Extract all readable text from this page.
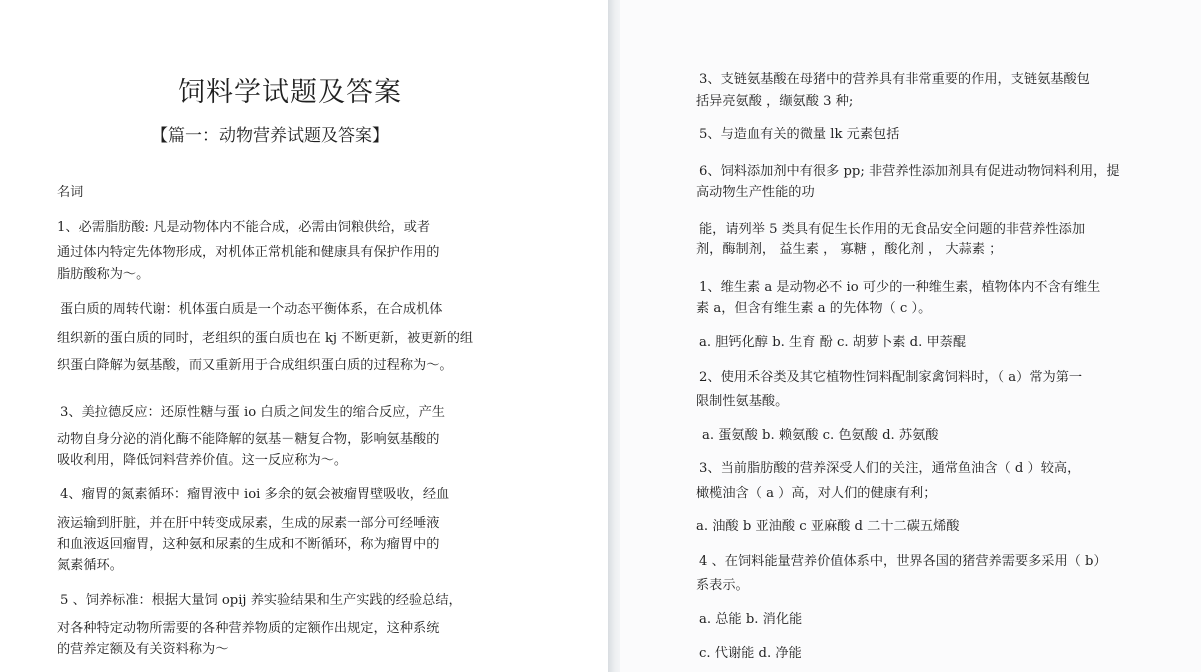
饲料学试题及答案
【篇一：动物营养试题及答案】
名词
1、必需脂肪酸: 凡是动物体内不能合成，必需由饲粮供给，或者
通过体内特定先体物形成，对机体正常机能和健康具有保护作用的
脂肪酸称为～。
蛋白质的周转代谢：机体蛋白质是一个动态平衡体系，在合成机体
组织新的蛋白质的同时，老组织的蛋白质也在 kj 不断更新，被更新的组
织蛋白降解为氨基酸，而又重新用于合成组织蛋白质的过程称为～。
3、美拉德反应：还原性糖与蛋 io 白质之间发生的缩合反应，产生
动物自身分泌的消化酶不能降解的氨基－糖复合物，影响氨基酸的
吸收利用，降低饲料营养价值。这一反应称为～。
4、瘤胃的氮素循环：瘤胃液中 ioi 多余的氨会被瘤胃壁吸收，经血
液运输到肝脏，并在肝中转变成尿素，生成的尿素一部分可经唾液
和血液返回瘤胃，这种氨和尿素的生成和不断循环，称为瘤胃中的
氮素循环。
5 、饲养标准：根据大量饲 opij 养实验结果和生产实践的经验总结，
对各种特定动物所需要的各种营养物质的定额作出规定，这种系统
的营养定额及有关资料称为～
3、支链氨基酸在母猪中的营养具有非常重要的作用，支链氨基酸包
括异亮氨酸 ，缬氨酸 3 种;
5、与造血有关的微量 lk 元素包括
6、饲料添加剂中有很多 pp; 非营养性添加剂具有促进动物饲料利用，提
高动物生产性能的功
能，请列举 5 类具有促生长作用的无食品安全问题的非营养性添加
剂，酶制剂， 益生素 ， 寡糖 ，酸化剂 ， 大蒜素 ；
1、维生素 a 是动物必不 io 可少的一种维生素，植物体内不含有维生
素 a，但含有维生素 a 的先体物（ c ）。
a. 胆钙化醇 b. 生育 酚 c. 胡萝卜素 d. 甲萘醌
2、使用禾谷类及其它植物性饲料配制家禽饲料时，（ a）常为第一
限制性氨基酸。
a. 蛋氨酸 b. 赖氨酸 c. 色氨酸 d. 苏氨酸
3、当前脂肪酸的营养深受人们的关注，通常鱼油含（ d ）较高，
橄榄油含（ a ）高，对人们的健康有利；
a. 油酸 b 亚油酸 c 亚麻酸 d 二十二碳五烯酸
4 、在饲料能量营养价值体系中，世界各国的猪营养需要多采用（ b）
系表示。
a. 总能 b. 消化能
c. 代谢能 d. 净能
